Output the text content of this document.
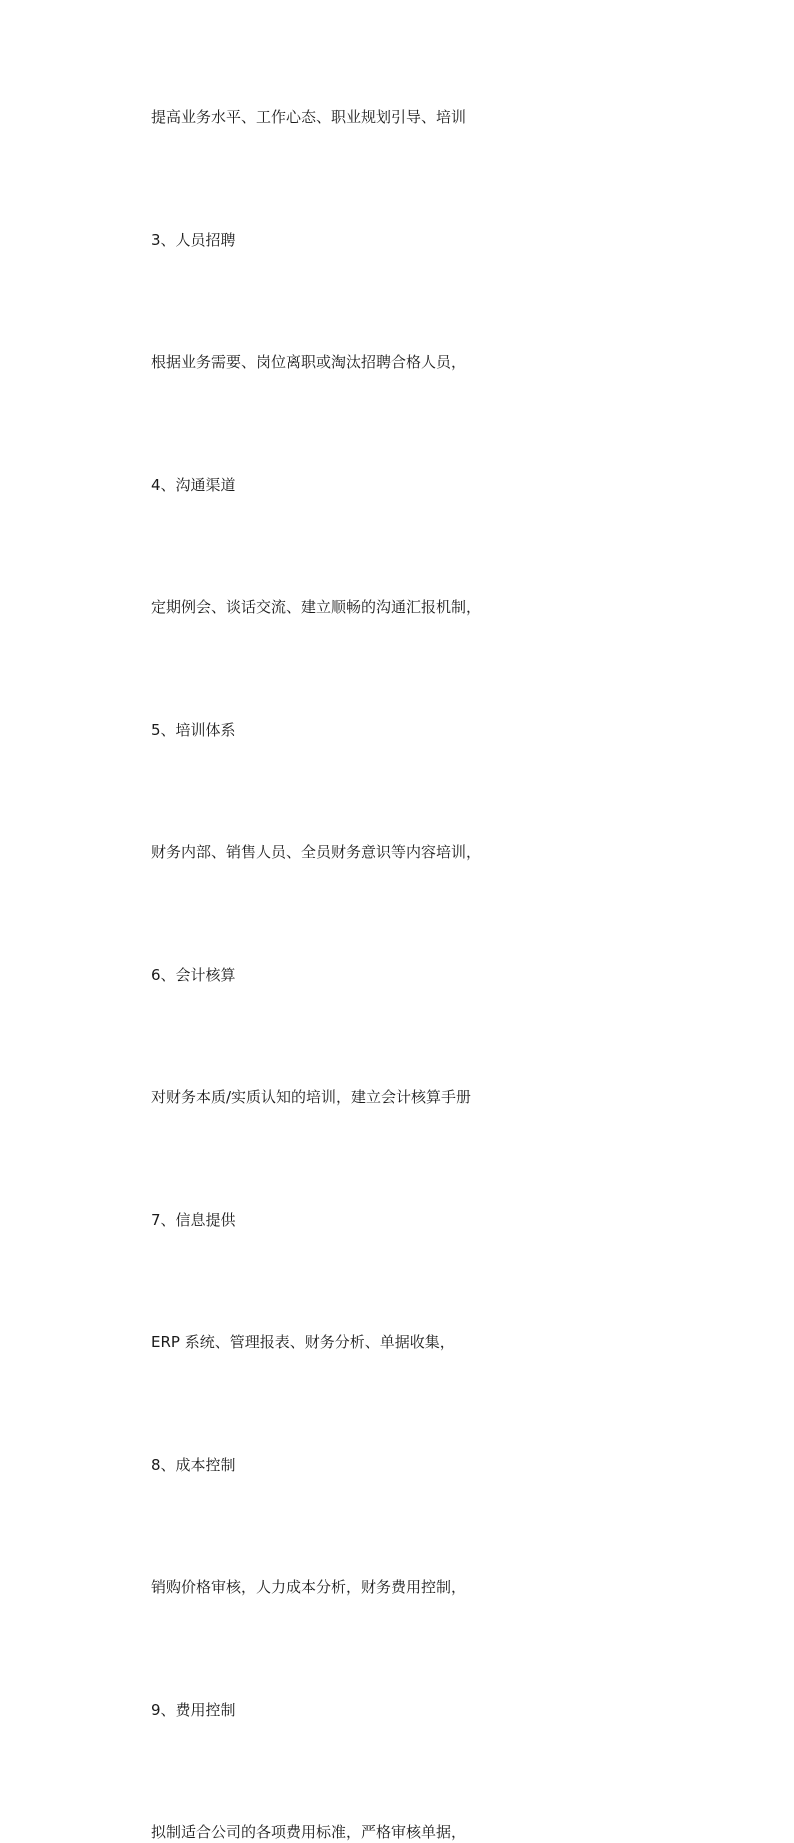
提高业务水平、工作心态、职业规划引导、培训

3、人员招聘

根据业务需要、岗位离职或淘汰招聘合格人员，

4、沟通渠道

定期例会、谈话交流、建立顺畅的沟通汇报机制，

5、培训体系

财务内部、销售人员、全员财务意识等内容培训，

6、会计核算

对财务本质/实质认知的培训，建立会计核算手册

7、信息提供

ERP 系统、管理报表、财务分析、单据收集，

8、成本控制

销购价格审核，人力成本分析，财务费用控制，

9、费用控制

拟制适合公司的各项费用标准，严格审核单据，
